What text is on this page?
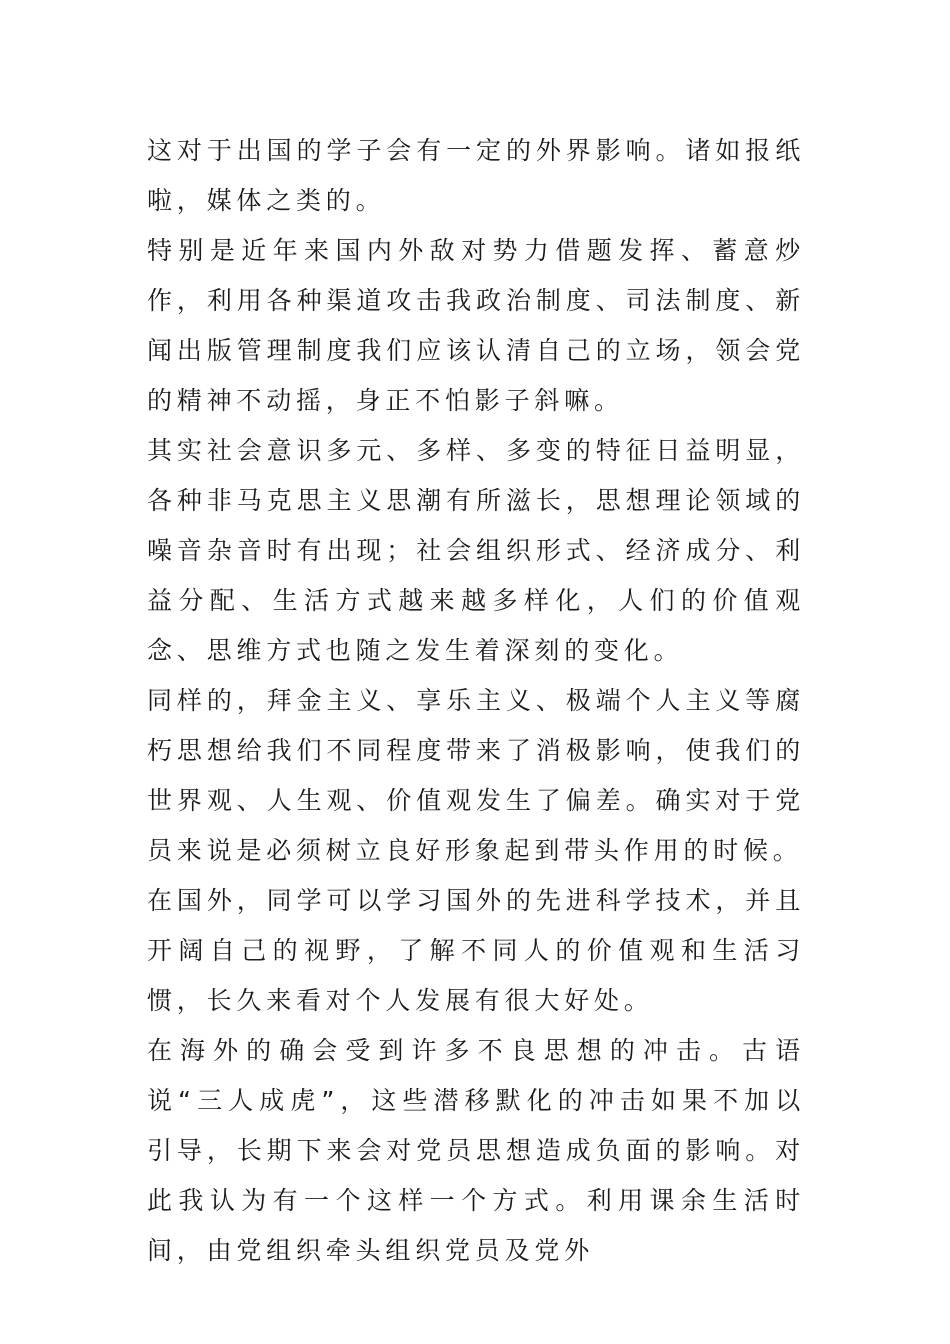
这对于出国的学子会有一定的外界影响。诸如报纸啦，媒体之类的。

特别是近年来国内外敌对势力借题发挥、蓄意炒作，利用各种渠道攻击我政治制度、司法制度、新闻出版管理制度我们应该认清自己的立场，领会党的精神不动摇，身正不怕影子斜嘛。

其实社会意识多元、多样、多变的特征日益明显，各种非马克思主义思潮有所滋长，思想理论领域的噪音杂音时有出现；社会组织形式、经济成分、利益分配、生活方式越来越多样化，人们的价值观念、思维方式也随之发生着深刻的变化。

同样的，拜金主义、享乐主义、极端个人主义等腐朽思想给我们不同程度带来了消极影响，使我们的世界观、人生观、价值观发生了偏差。确实对于党员来说是必须树立良好形象起到带头作用的时候。

在国外，同学可以学习国外的先进科学技术，并且开阔自己的视野，了解不同人的价值观和生活习惯，长久来看对个人发展有很大好处。

在海外的确会受到许多不良思想的冲击。古语说“三人成虎”，这些潜移默化的冲击如果不加以引导，长期下来会对党员思想造成负面的影响。对此我认为有一个这样一个方式。利用课余生活时间，由党组织牵头组织党员及党外
